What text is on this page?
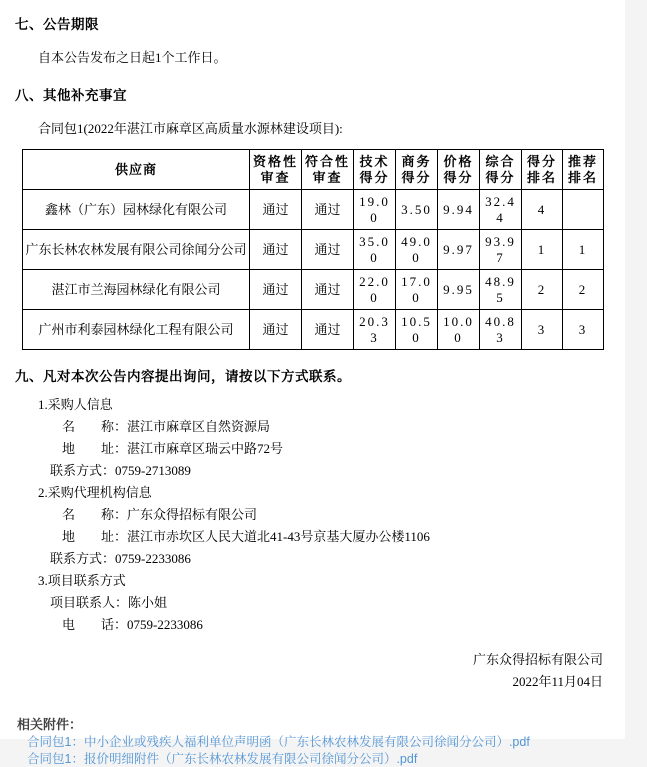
七、公告期限
自本公告发布之日起1个工作日。
八、其他补充事宜
合同包1(2022年湛江市麻章区高质量水源林建设项目):
供应商	资格性审查	符合性审查	技术得分	商务得分	价格得分	综合得分	得分排名	推荐排名
鑫林（广东）园林绿化有限公司	通过	通过	19.00	3.50	9.94	32.44	4	
广东长林农林发展有限公司徐闻分公司	通过	通过	35.00	49.00	9.97	93.97	1	1
湛江市兰海园林绿化有限公司	通过	通过	22.00	17.00	9.95	48.95	2	2
广州市利泰园林绿化工程有限公司	通过	通过	20.33	10.50	10.00	40.83	3	3
九、凡对本次公告内容提出询问，请按以下方式联系。
1.采购人信息
名　　称：湛江市麻章区自然资源局
地　　址：湛江市麻章区瑞云中路72号
联系方式：0759-2713089
2.采购代理机构信息
名　　称：广东众得招标有限公司
地　　址：湛江市赤坎区人民大道北41-43号京基大厦办公楼1106
联系方式：0759-2233086
3.项目联系方式
项目联系人：陈小姐
电　　话：0759-2233086
广东众得招标有限公司
2022年11月04日
相关附件：
合同包1：中小企业或残疾人福利单位声明函（广东长林农林发展有限公司徐闻分公司）.pdf
合同包1：报价明细附件（广东长林农林发展有限公司徐闻分公司）.pdf
